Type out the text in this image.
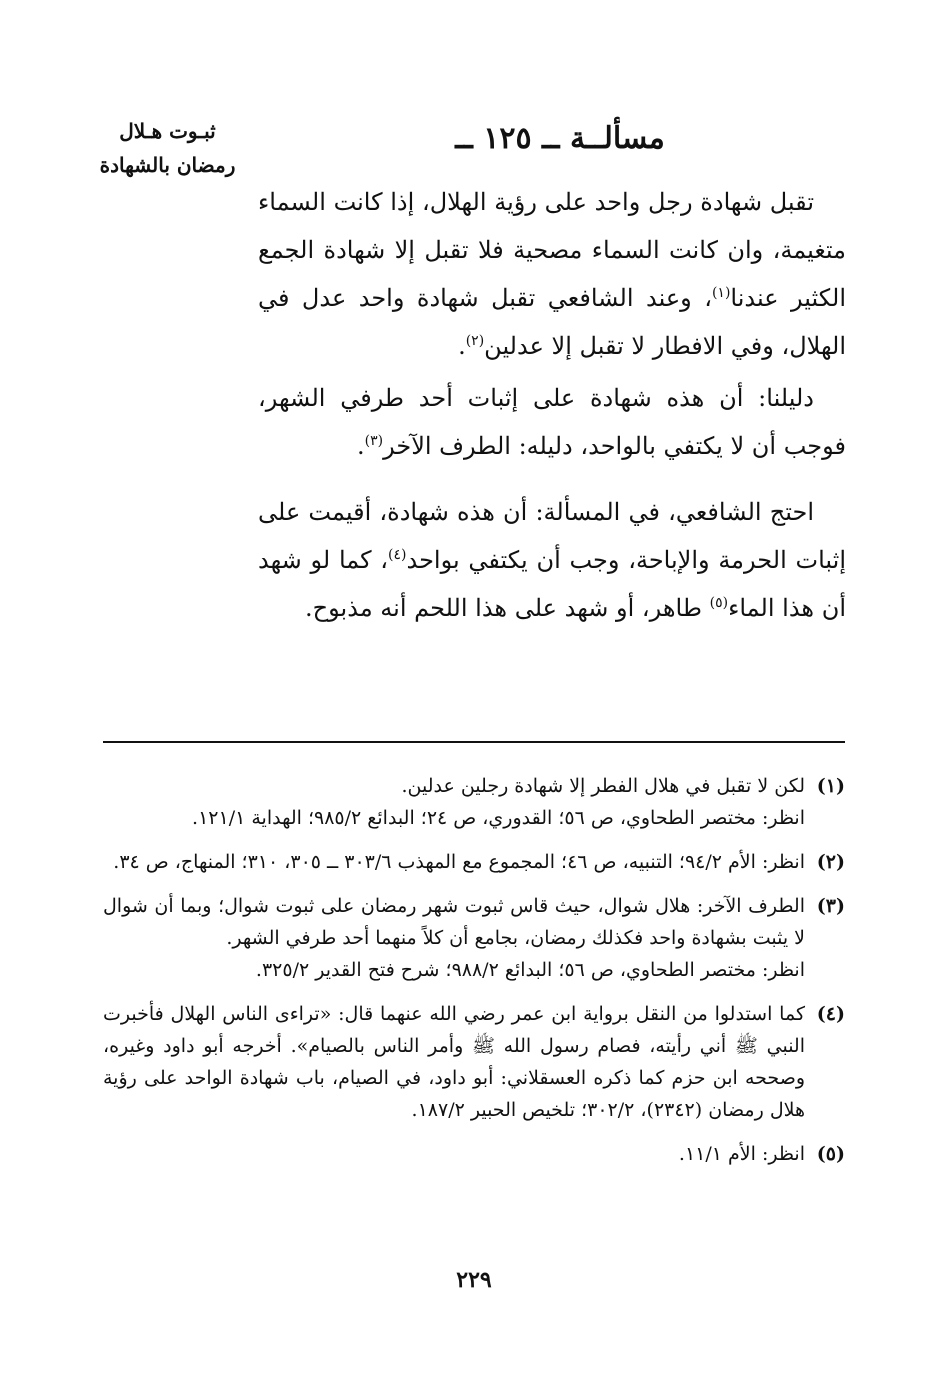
مسألــة ــ ١٢٥ ــ
ثبـوت هـلال
رمضان بالشهادة

تقبل شهادة رجل واحد على رؤية الهلال، إذا كانت السماء متغيمة، وان كانت السماء مصحية فلا تقبل إلا شهادة الجمع الكثير عندنا$^{(١)}$، وعند الشافعي تقبل شهادة واحد عدل في الهلال، وفي الافطار لا تقبل إلا عدلين$^{(٢)}$.

دليلنا: أن هذه شهادة على إثبات أحد طرفي الشهر، فوجب أن لا يكتفي بالواحد، دليله: الطرف الآخر$^{(٣)}$.

احتج الشافعي، في المسألة: أن هذه شهادة، أقيمت على إثبات الحرمة والإباحة، وجب أن يكتفي بواحد$^{(٤)}$، كما لو شهد أن هذا الماء$^{(٥)}$ طاهر، أو شهد على هذا اللحم أنه مذبوح.

(١)
لكن لا تقبل في هلال الفطر إلا شهادة رجلين عدلين.
انظر: مختصر الطحاوي، ص ٥٦؛ القدوري، ص ٢٤؛ البدائع ٩٨٥/٢؛ الهداية ١٢١/١.
(٢)
انظر: الأم ٩٤/٢؛ التنبيه، ص ٤٦؛ المجموع مع المهذب ٣٠٣/٦ ــ ٣٠٥، ٣١٠؛ المنهاج، ص ٣٤.
(٣)
الطرف الآخر: هلال شوال، حيث قاس ثبوت شهر رمضان على ثبوت شوال؛ وبما أن شوال لا يثبت بشهادة واحد فكذلك رمضان، بجامع أن كلاً منهما أحد طرفي الشهر.
انظر: مختصر الطحاوي، ص ٥٦؛ البدائع ٩٨٨/٢؛ شرح فتح القدير ٣٢٥/٢.
(٤)
كما استدلوا من النقل برواية ابن عمر رضي الله عنهما قال: «تراءى الناس الهلال فأخبرت النبي ﷺ أني رأيته، فصام رسول الله ﷺ وأمر الناس بالصيام». أخرجه أبو داود وغيره، وصححه ابن حزم كما ذكره العسقلاني: أبو داود، في الصيام، باب شهادة الواحد على رؤية هلال رمضان (٢٣٤٢)، ٣٠٢/٢؛ تلخيص الحبير ١٨٧/٢.
(٥)
انظر: الأم ١١/١.
٢٢٩
